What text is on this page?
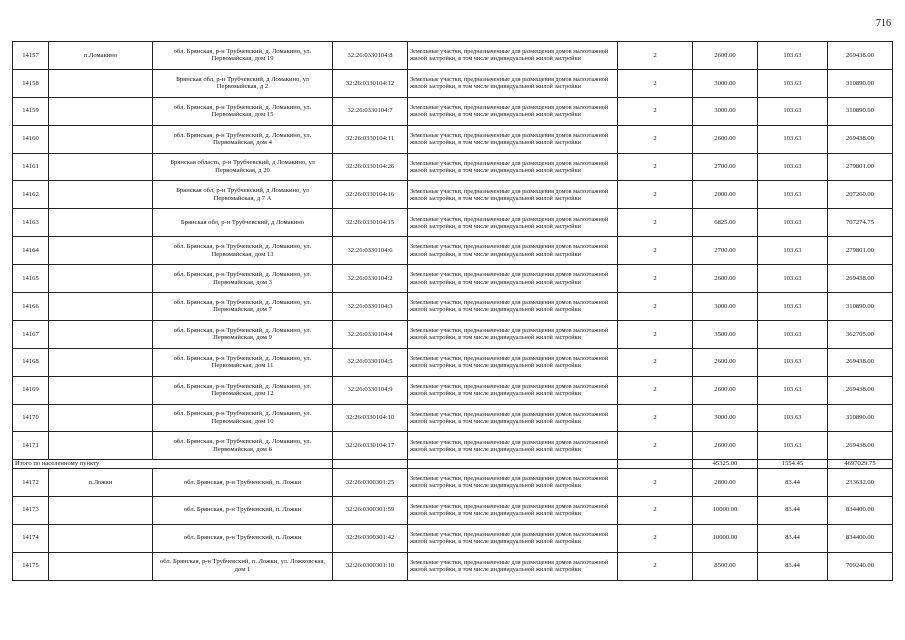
716
14157	п.Ломакино	обл. Брянская, р-н Трубчевский, д. Ломакино, ул. Первомайская, дом 19	32:26:0330104:8	Земельные участки, предназначенные для размещения домов малоэтажной жилой застройки, в том числе индивидуальной жилой застройки	2	2600.00	103.63	269438.00
14158		Брянская обл, р-н Трубчевский, д Ломакино, ул Первомайская, д 2	32:26:0330104:12	Земельные участки, предназначенные для размещения домов малоэтажной жилой застройки, в том числе индивидуальной жилой застройки	2	3000.00	103.63	310890.00
14159		обл. Брянская, р-н Трубчевский, д. Ломакино, ул. Первомайская, дом 15	32:26:0330104:7	Земельные участки, предназначенные для размещения домов малоэтажной жилой застройки, в том числе индивидуальной жилой застройки	2	3000.00	103.63	310890.00
14160		обл. Брянская, р-н Трубчевский, д. Ломакино, ул. Первомайская, дом 4	32:26:0330104:11	Земельные участки, предназначенные для размещения домов малоэтажной жилой застройки, в том числе индивидуальной жилой застройки	2	2600.00	103.63	269438.00
14161		Брянская область, р-н Трубчевский, д Ломакино, ул Первомайская, д 20	32:26:0330104:26	Земельные участки, предназначенные для размещения домов малоэтажной жилой застройки, в том числе индивидуальной жилой застройки	2	2700.00	103.63	279801.00
14162		Брянская обл, р-н Трубчевский, д Ломакино, ул Первомайская, д 7 А	32:26:0330104:16	Земельные участки, предназначенные для размещения домов малоэтажной жилой застройки, в том числе индивидуальной жилой застройки	2	2000.00	103.63	207260.00
14163		Брянская обл, р-н Трубчевский, д Ломакино	32:26:0330104:15	Земельные участки, предназначенные для размещения домов малоэтажной жилой застройки, в том числе индивидуальной жилой застройки	2	6825.00	103.63	707274.75
14164		обл. Брянская, р-н Трубчевский, д. Ломакино, ул. Первомайская, дом 13	32:26:0330104:6	Земельные участки, предназначенные для размещения домов малоэтажной жилой застройки, в том числе индивидуальной жилой застройки	2	2700.00	103.63	279801.00
14165		обл. Брянская, р-н Трубчевский, д. Ломакино, ул. Первомайская, дом 3	32:26:0330104:2	Земельные участки, предназначенные для размещения домов малоэтажной жилой застройки, в том числе индивидуальной жилой застройки	2	2600.00	103.63	269438.00
14166		обл. Брянская, р-н Трубчевский, д. Ломакино, ул. Первомайская, дом 7	32:26:0330104:3	Земельные участки, предназначенные для размещения домов малоэтажной жилой застройки, в том числе индивидуальной жилой застройки	2	3000.00	103.63	310890.00
14167		обл. Брянская, р-н Трубчевский, д. Ломакино, ул. Первомайская, дом 9	32:26:0330104:4	Земельные участки, предназначенные для размещения домов малоэтажной жилой застройки, в том числе индивидуальной жилой застройки	2	3500.00	103.63	362705.00
14168		обл. Брянская, р-н Трубчевский, д. Ломакино, ул. Первомайская, дом 11	32:26:0330104:5	Земельные участки, предназначенные для размещения домов малоэтажной жилой застройки, в том числе индивидуальной жилой застройки	2	2600.00	103.63	269438.00
14169		обл. Брянская, р-н Трубчевский, д. Ломакино, ул. Первомайская, дом 12	32:26:0330104:9	Земельные участки, предназначенные для размещения домов малоэтажной жилой застройки, в том числе индивидуальной жилой застройки	2	2600.00	103.63	269438.00
14170		обл. Брянская, р-н Трубчевский, д. Ломакино, ул. Первомайская, дом 10	32:26:0330104:10	Земельные участки, предназначенные для размещения домов малоэтажной жилой застройки, в том числе индивидуальной жилой застройки	2	3000.00	103.63	310890.00
14171		обл. Брянская, р-н Трубчевский, д. Ломакино, ул. Первомайская, дом 6	32:26:0330104:17	Земельные участки, предназначенные для размещения домов малоэтажной жилой застройки, в том числе индивидуальной жилой застройки	2	2600.00	103.63	269438.00
Итого по населенному пункту						45325.00	1554.45	4697029.75
14172	п.Ложки	обл. Брянская, р-н Трубчевский, п. Ложки	32:26:0300301:25	Земельные участки, предназначенные для размещения домов малоэтажной жилой застройки, в том числе индивидуальной жилой застройки	2	2800.00	83.44	233632.00
14173		обл. Брянская, р-н Трубчевский, п. Ложки	32:26:0300301:59	Земельные участки, предназначенные для размещения домов малоэтажной жилой застройки, в том числе индивидуальной жилой застройки	2	10000.00	83.44	834400.00
14174		обл. Брянская, р-н Трубчевский, п. Ложки	32:26:0300301:42	Земельные участки, предназначенные для размещения домов малоэтажной жилой застройки, в том числе индивидуальной жилой застройки	2	10000.00	83.44	834400.00
14175		обл. Брянская, р-н Трубчевский, п. Ложки, ул. Ложковская, дом 1	32:26:0300301:10	Земельные участки, предназначенные для размещения домов малоэтажной жилой застройки, в том числе индивидуальной жилой застройки	2	8500.00	83.44	709240.00
